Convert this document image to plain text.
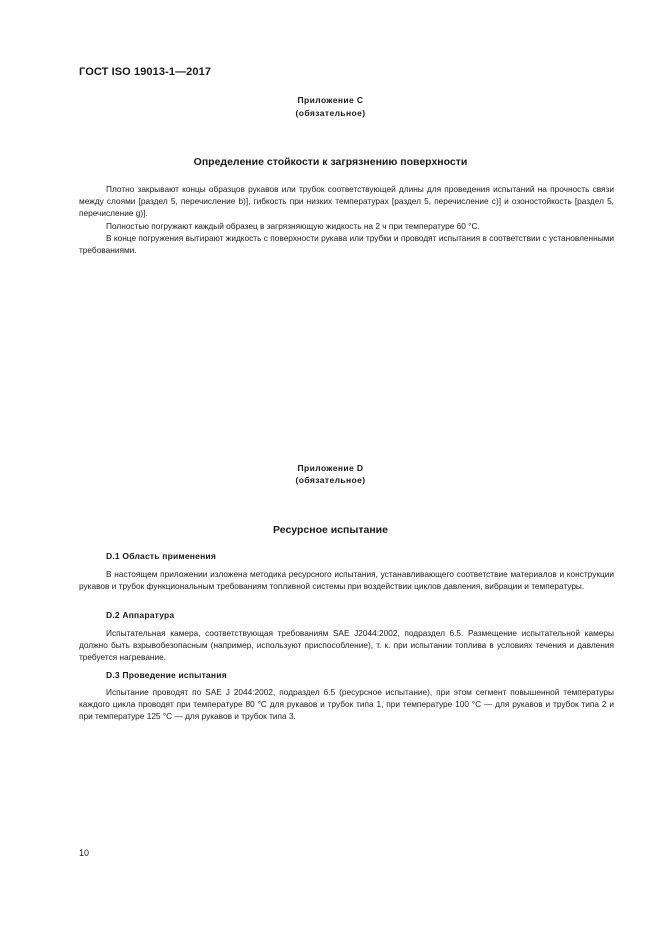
ГОСТ ISO 19013-1—2017
Приложение С
(обязательное)
Определение стойкости к загрязнению поверхности

Плотно закрывают концы образцов рукавов или трубок соответствующей длины для проведения испытаний на прочность связи между слоями [раздел 5, перечисление b)], гибкость при низких температурах [раздел 5, перечисление с)] и озоностойкость [раздел 5, перечисление g)].

Полностью погружают каждый образец в загрязняющую жидкость на 2 ч при температуре 60 °С.

В конце погружения вытирают жидкость с поверхности рукава или трубки и проводят испытания в соответствии с установленными требованиями.

Приложение D
(обязательное)
Ресурсное испытание
D.1 Область применения

В настоящем приложении изложена методика ресурсного испытания, устанавливающего соответствие материалов и конструкции рукавов и трубок функциональным требованиям топливной системы при воздействии циклов давления, вибрации и температуры.

D.2 Аппаратура

Испытательная камера, соответствующая требованиям SAE J2044:2002, подраздел 6.5. Размещение испытательной камеры должно быть взрывобезопасным (например, используют приспособление), т. к. при испытании топлива в условиях течения и давления требуется нагревание.

D.3 Проведение испытания

Испытание проводят по SAE J 2044:2002, подраздел 6.5 (ресурсное испытание), при этом сегмент повышенной температуры каждого цикла проводят при температуре 80 °С для рукавов и трубок типа 1, при температуре 100 °С — для рукавов и трубок типа 2 и при температуре 125 °С — для рукавов и трубок типа 3.

10
